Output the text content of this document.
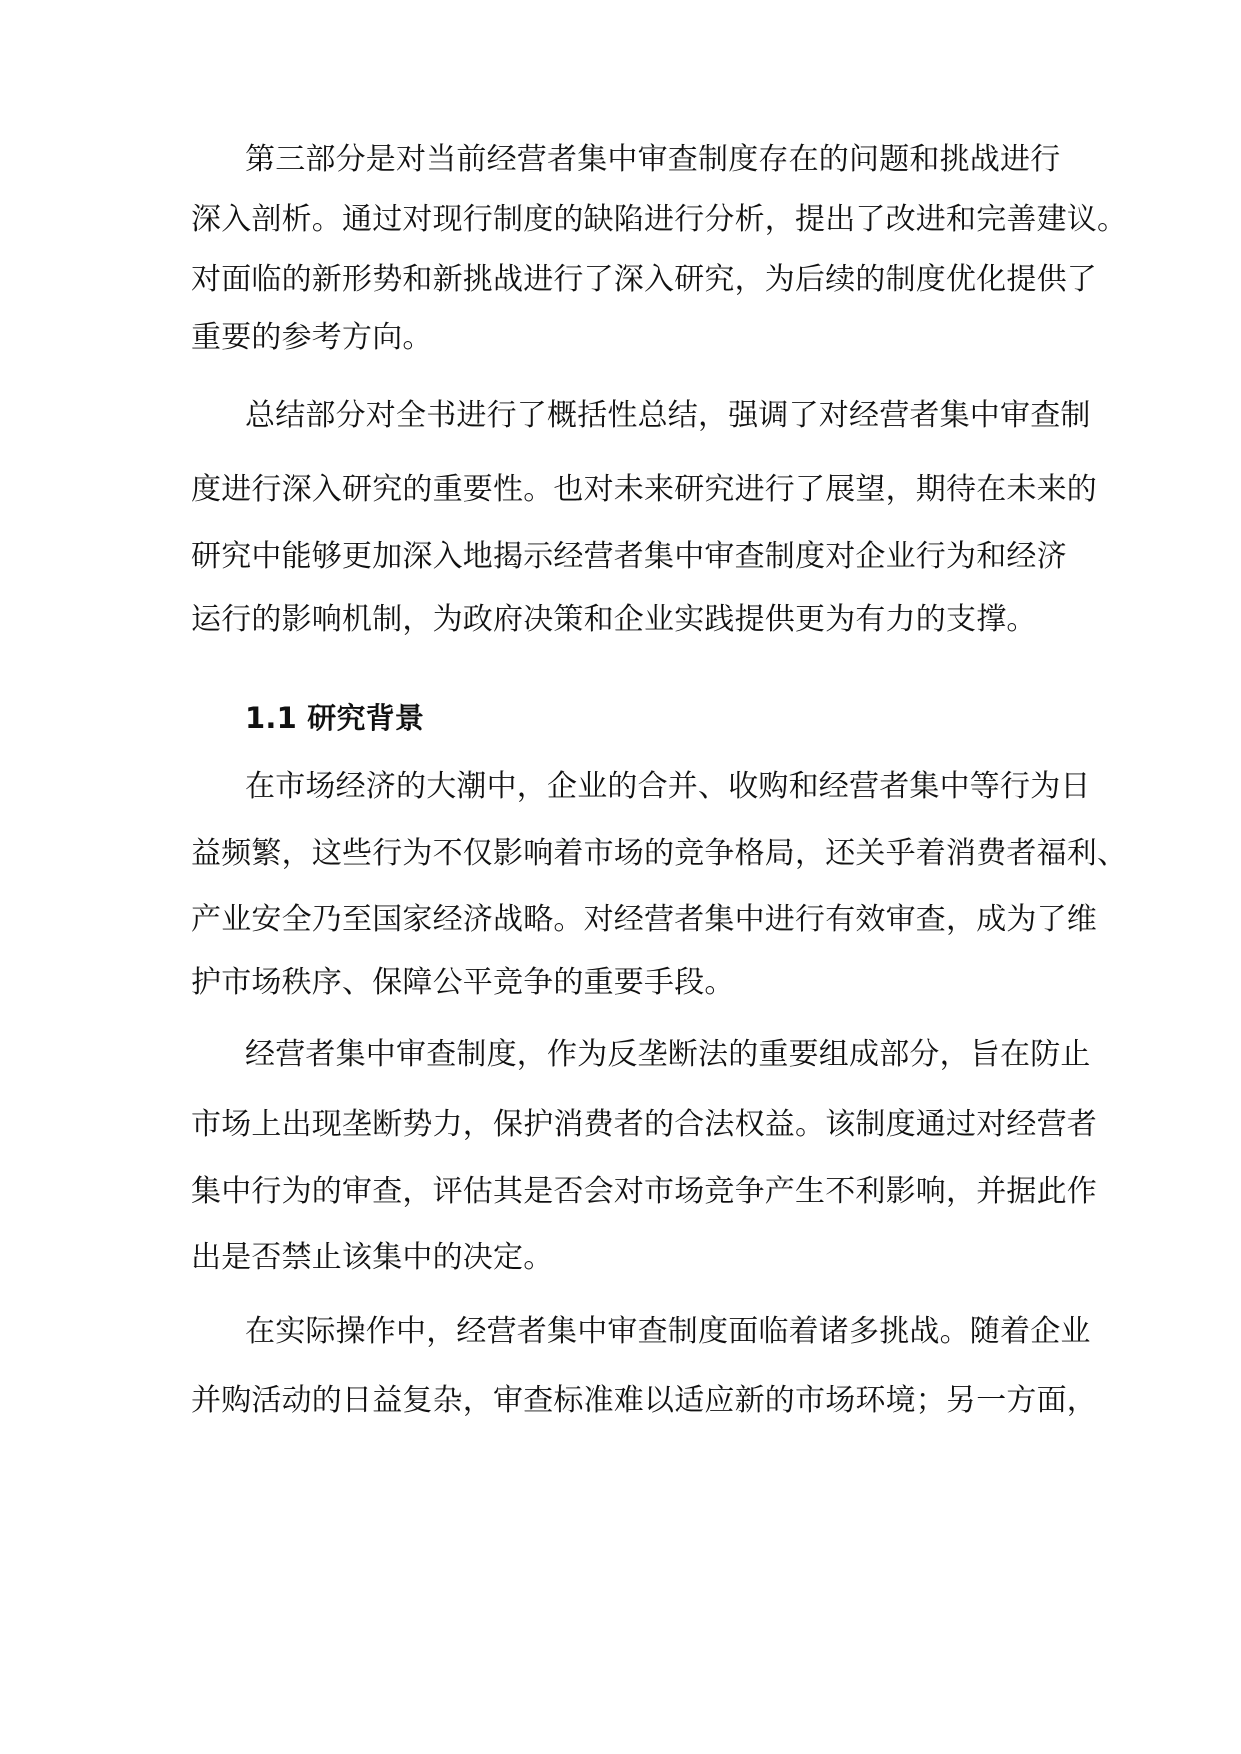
第三部分是对当前经营者集中审查制度存在的问题和挑战进行
深入剖析。通过对现行制度的缺陷进行分析，提出了改进和完善建议。
对面临的新形势和新挑战进行了深入研究，为后续的制度优化提供了
重要的参考方向。
总结部分对全书进行了概括性总结，强调了对经营者集中审查制
度进行深入研究的重要性。也对未来研究进行了展望，期待在未来的
研究中能够更加深入地揭示经营者集中审查制度对企业行为和经济
运行的影响机制，为政府决策和企业实践提供更为有力的支撑。
1.1 研究背景
在市场经济的大潮中，企业的合并、收购和经营者集中等行为日
益频繁，这些行为不仅影响着市场的竞争格局，还关乎着消费者福利、
产业安全乃至国家经济战略。对经营者集中进行有效审查，成为了维
护市场秩序、保障公平竞争的重要手段。
经营者集中审查制度，作为反垄断法的重要组成部分，旨在防止
市场上出现垄断势力，保护消费者的合法权益。该制度通过对经营者
集中行为的审查，评估其是否会对市场竞争产生不利影响，并据此作
出是否禁止该集中的决定。
在实际操作中，经营者集中审查制度面临着诸多挑战。随着企业
并购活动的日益复杂，审查标准难以适应新的市场环境；另一方面，
